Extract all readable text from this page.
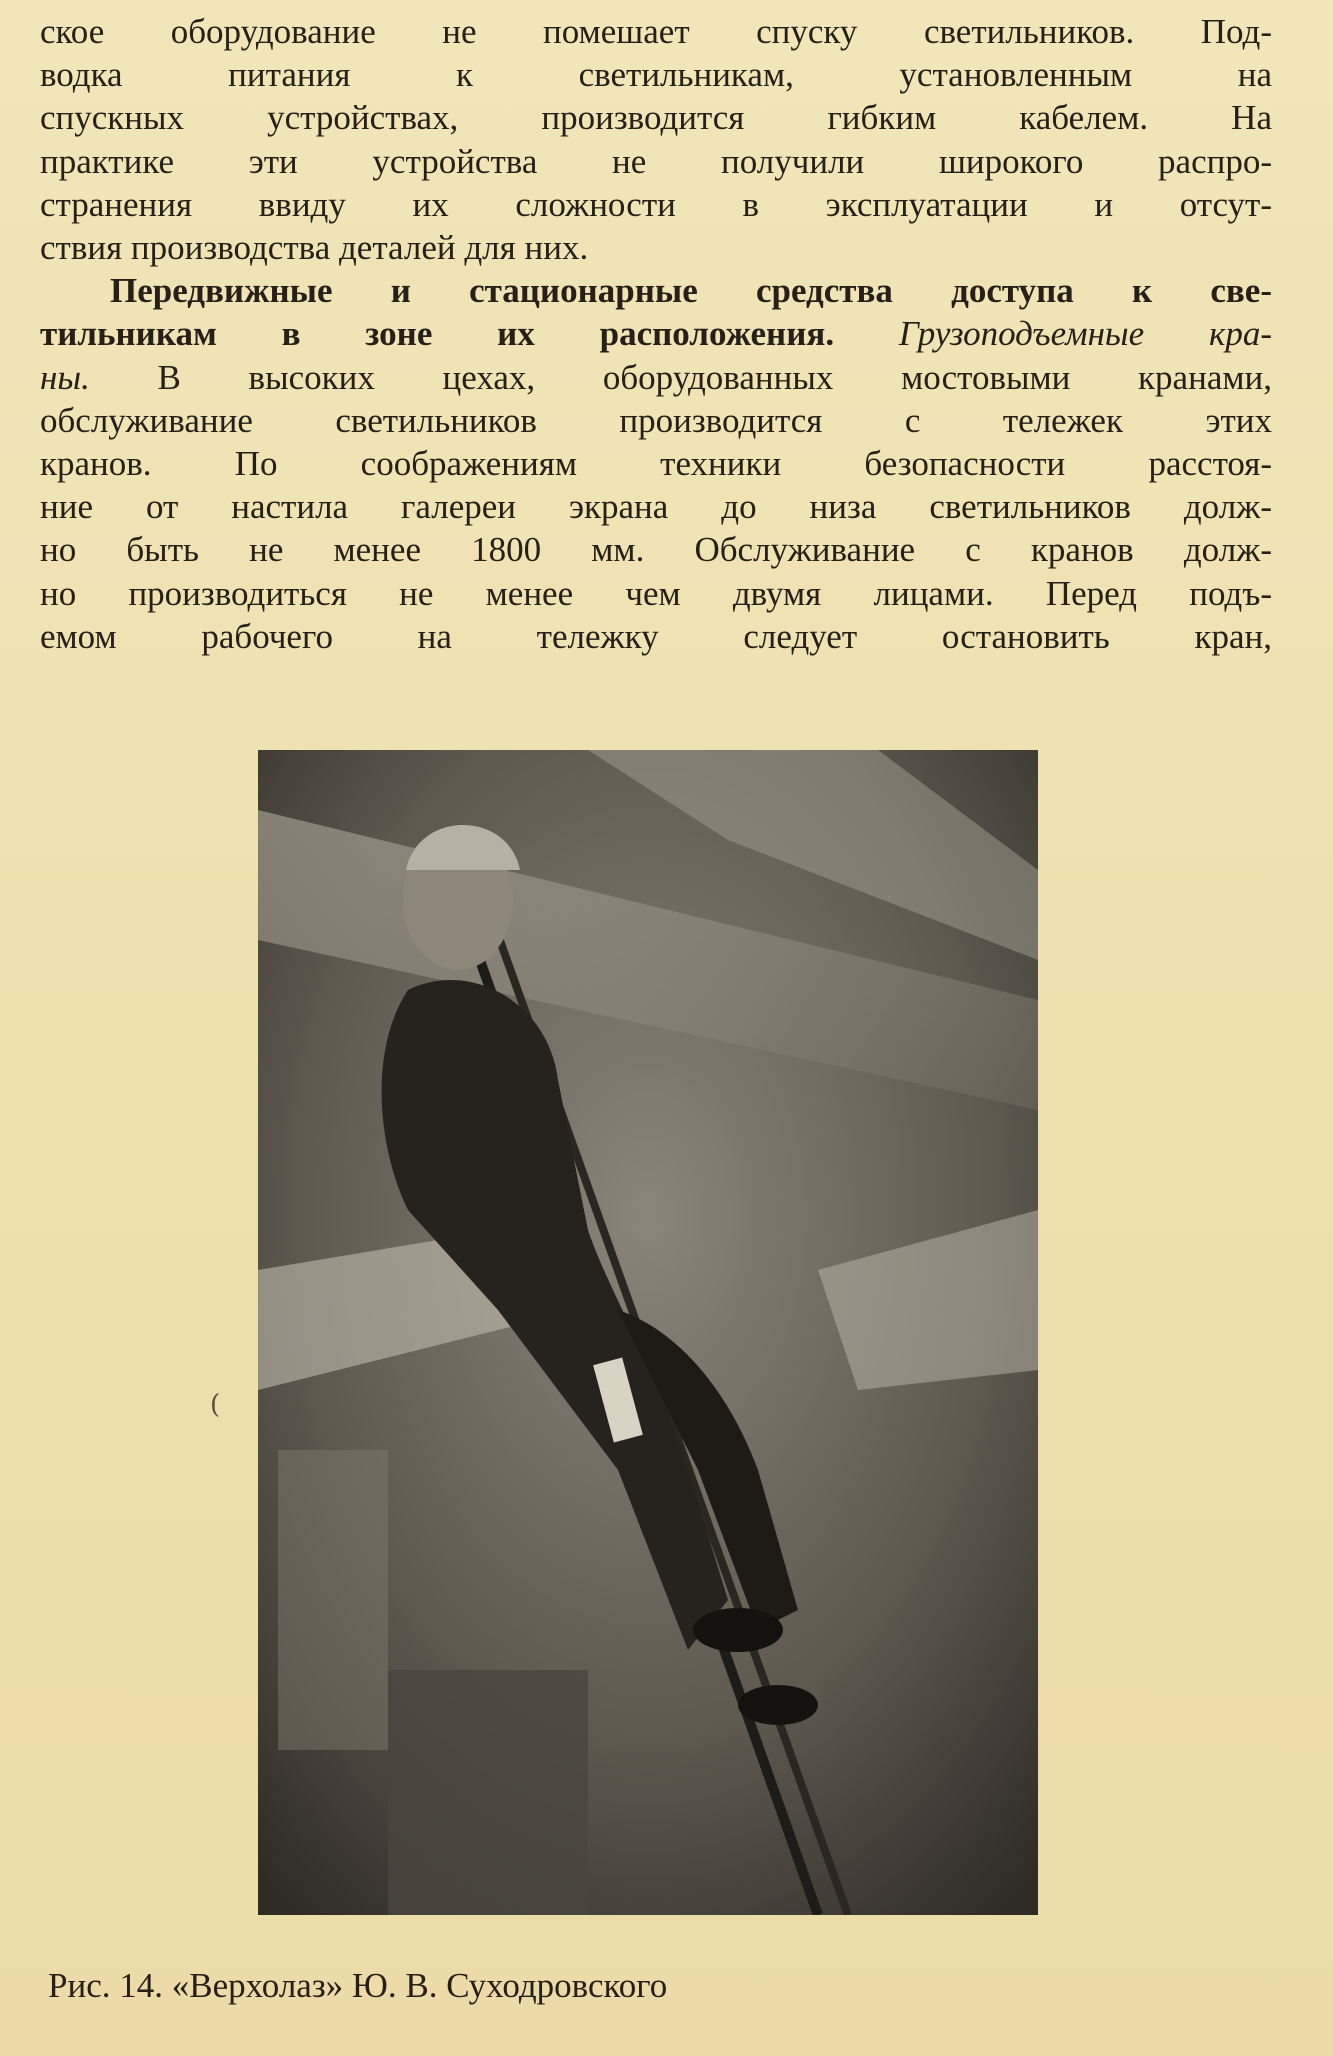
ское оборудование не помешает спуску светильников. Под-

водка питания к светильникам, установленным на

спускных устройствах, производится гибким кабелем. На

практике эти устройства не получили широкого распро-

странения ввиду их сложности в эксплуатации и отсут-

ствия производства деталей для них.

Передвижные и стационарные средства доступа к све-

тильникам в зоне их расположения. Грузоподъемные кра-

ны. В высоких цехах, оборудованных мостовыми кранами,

обслуживание светильников производится с тележек этих

кранов. По соображениям техники безопасности расстоя-

ние от настила галереи экрана до низа светильников долж-

но быть не менее 1800 мм. Обслуживание с кранов долж-

но производиться не менее чем двумя лицами. Перед подъ-

емом рабочего на тележку следует остановить кран,

(
Рис. 14. «Верхолаз» Ю. В. Суходровского
